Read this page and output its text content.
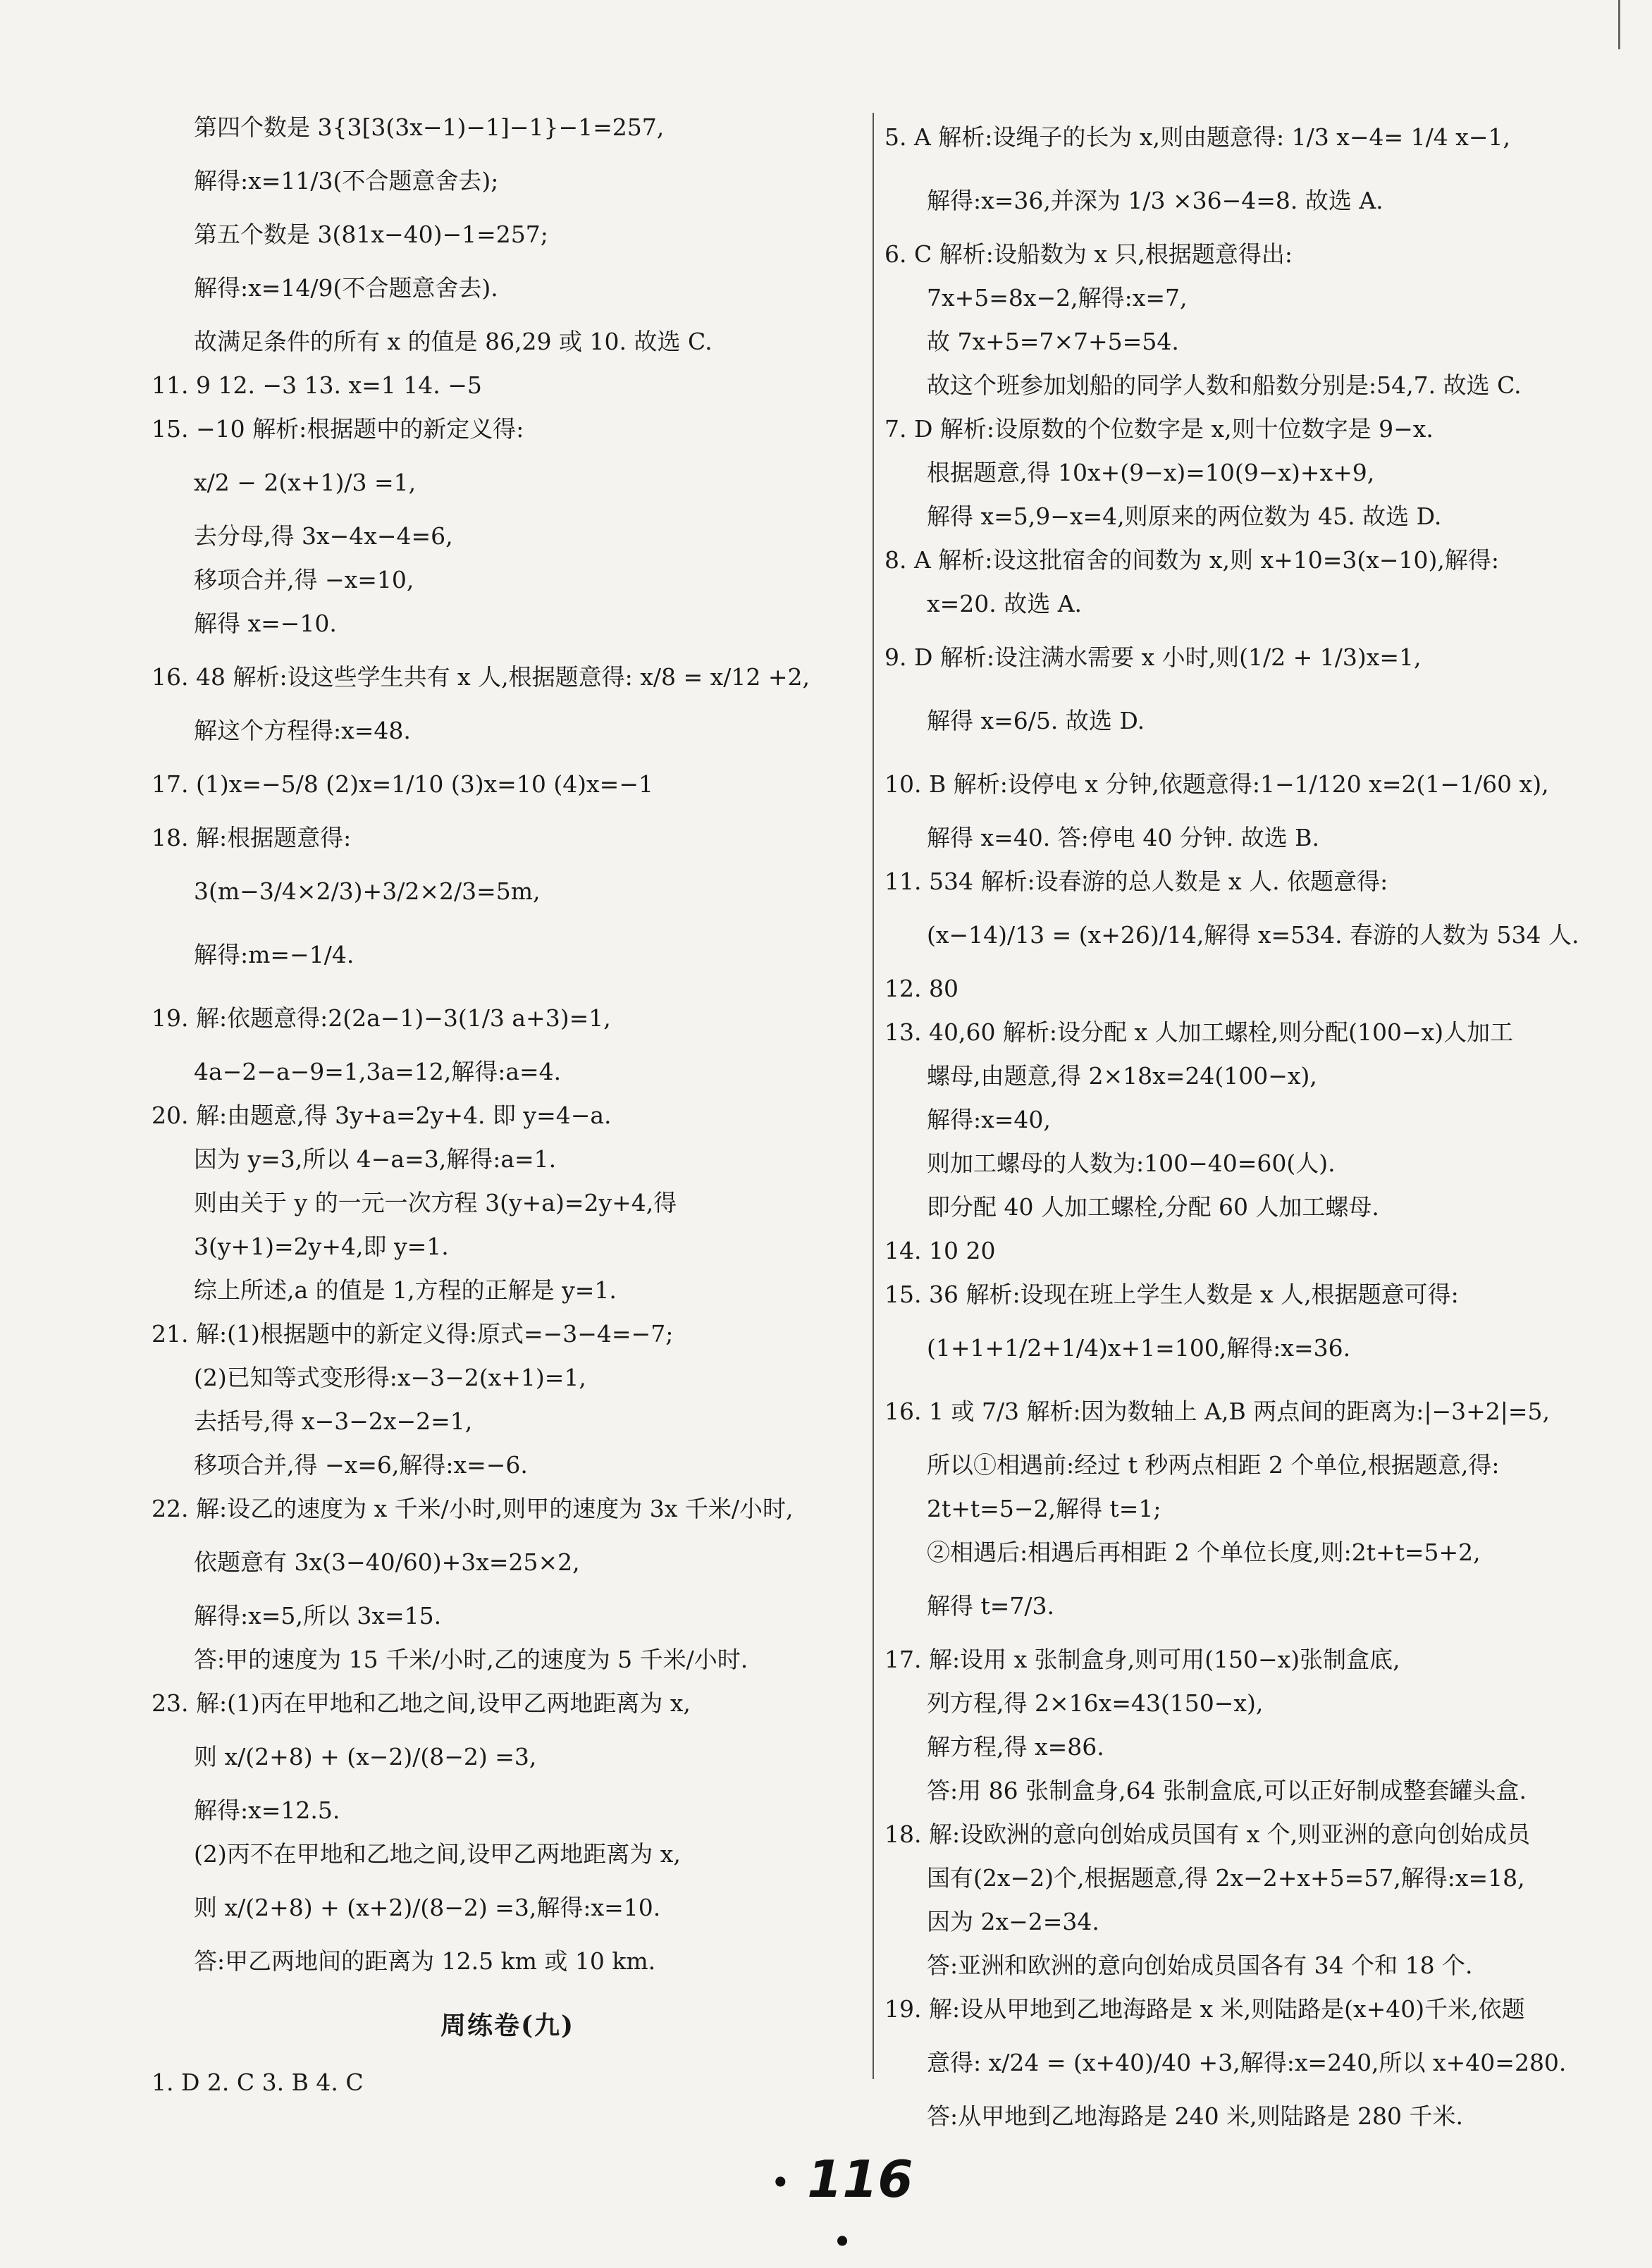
第四个数是 3{3[3(3x−1)−1]−1}−1=257,
解得:x=11/3(不合题意舍去);
第五个数是 3(81x−40)−1=257;
解得:x=14/9(不合题意舍去).
故满足条件的所有 x 的值是 86,29 或 10. 故选 C.
11. 9 12. −3 13. x=1 14. −5
15. −10 解析:根据题中的新定义得:
x/2 − 2(x+1)/3 =1,
去分母,得 3x−4x−4=6,
移项合并,得 −x=10,
解得 x=−10.
16. 48 解析:设这些学生共有 x 人,根据题意得: x/8 = x/12 +2,
解这个方程得:x=48.
17. (1)x=−5/8 (2)x=1/10 (3)x=10 (4)x=−1
18. 解:根据题意得:
3(m−3/4×2/3)+3/2×2/3=5m,
解得:m=−1/4.
19. 解:依题意得:2(2a−1)−3(1/3 a+3)=1,
4a−2−a−9=1,3a=12,解得:a=4.
20. 解:由题意,得 3y+a=2y+4. 即 y=4−a.
因为 y=3,所以 4−a=3,解得:a=1.
则由关于 y 的一元一次方程 3(y+a)=2y+4,得
3(y+1)=2y+4,即 y=1.
综上所述,a 的值是 1,方程的正解是 y=1.
21. 解:(1)根据题中的新定义得:原式=−3−4=−7;
(2)已知等式变形得:x−3−2(x+1)=1,
去括号,得 x−3−2x−2=1,
移项合并,得 −x=6,解得:x=−6.
22. 解:设乙的速度为 x 千米/小时,则甲的速度为 3x 千米/小时,
依题意有 3x(3−40/60)+3x=25×2,
解得:x=5,所以 3x=15.
答:甲的速度为 15 千米/小时,乙的速度为 5 千米/小时.
23. 解:(1)丙在甲地和乙地之间,设甲乙两地距离为 x,
则 x/(2+8) + (x−2)/(8−2) =3,
解得:x=12.5.
(2)丙不在甲地和乙地之间,设甲乙两地距离为 x,
则 x/(2+8) + (x+2)/(8−2) =3,解得:x=10.
答:甲乙两地间的距离为 12.5 km 或 10 km.
周练卷(九)
1. D 2. C 3. B 4. C
5. A 解析:设绳子的长为 x,则由题意得: 1/3 x−4= 1/4 x−1,
解得:x=36,并深为 1/3 ×36−4=8. 故选 A.
6. C 解析:设船数为 x 只,根据题意得出:
7x+5=8x−2,解得:x=7,
故 7x+5=7×7+5=54.
故这个班参加划船的同学人数和船数分别是:54,7. 故选 C.
7. D 解析:设原数的个位数字是 x,则十位数字是 9−x.
根据题意,得 10x+(9−x)=10(9−x)+x+9,
解得 x=5,9−x=4,则原来的两位数为 45. 故选 D.
8. A 解析:设这批宿舍的间数为 x,则 x+10=3(x−10),解得:
x=20. 故选 A.
9. D 解析:设注满水需要 x 小时,则(1/2 + 1/3)x=1,
解得 x=6/5. 故选 D.
10. B 解析:设停电 x 分钟,依题意得:1−1/120 x=2(1−1/60 x),
解得 x=40. 答:停电 40 分钟. 故选 B.
11. 534 解析:设春游的总人数是 x 人. 依题意得:
(x−14)/13 = (x+26)/14,解得 x=534. 春游的人数为 534 人.
12. 80
13. 40,60 解析:设分配 x 人加工螺栓,则分配(100−x)人加工
螺母,由题意,得 2×18x=24(100−x),
解得:x=40,
则加工螺母的人数为:100−40=60(人).
即分配 40 人加工螺栓,分配 60 人加工螺母.
14. 10 20
15. 36 解析:设现在班上学生人数是 x 人,根据题意可得:
(1+1+1/2+1/4)x+1=100,解得:x=36.
16. 1 或 7/3 解析:因为数轴上 A,B 两点间的距离为:|−3+2|=5,
所以①相遇前:经过 t 秒两点相距 2 个单位,根据题意,得:
2t+t=5−2,解得 t=1;
②相遇后:相遇后再相距 2 个单位长度,则:2t+t=5+2,
解得 t=7/3.
17. 解:设用 x 张制盒身,则可用(150−x)张制盒底,
列方程,得 2×16x=43(150−x),
解方程,得 x=86.
答:用 86 张制盒身,64 张制盒底,可以正好制成整套罐头盒.
18. 解:设欧洲的意向创始成员国有 x 个,则亚洲的意向创始成员
国有(2x−2)个,根据题意,得 2x−2+x+5=57,解得:x=18,
因为 2x−2=34.
答:亚洲和欧洲的意向创始成员国各有 34 个和 18 个.
19. 解:设从甲地到乙地海路是 x 米,则陆路是(x+40)千米,依题
意得: x/24 = (x+40)/40 +3,解得:x=240,所以 x+40=280.
答:从甲地到乙地海路是 240 米,则陆路是 280 千米.
• 116 •
